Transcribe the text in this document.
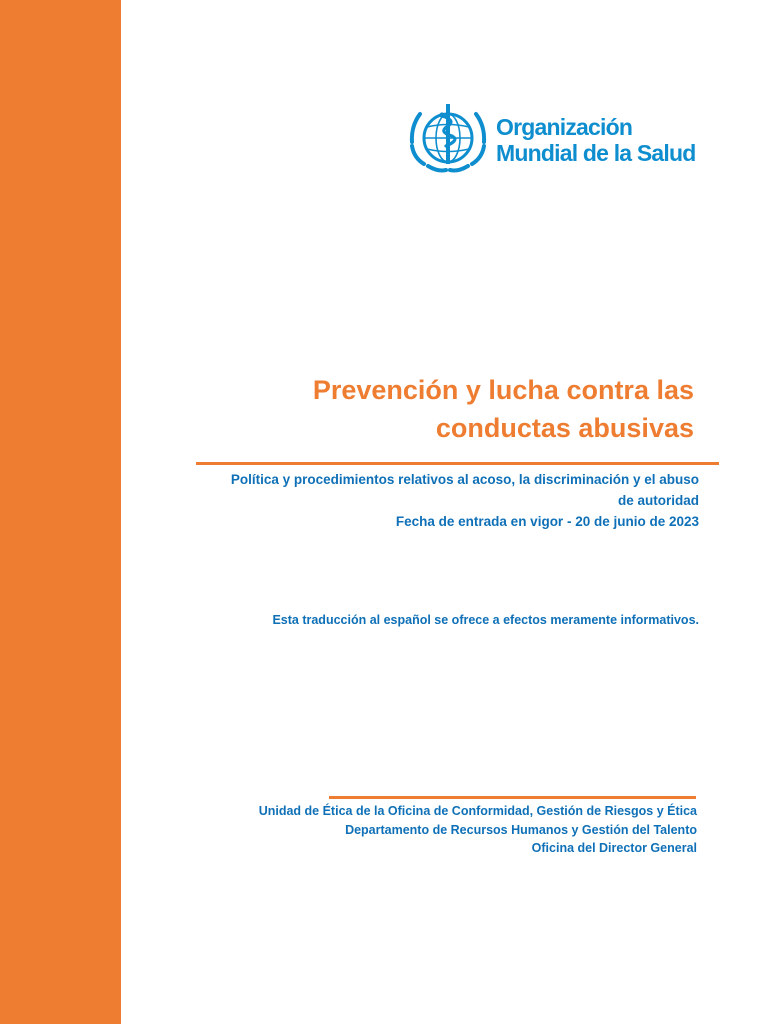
Organización
Mundial de la Salud
Prevención y lucha contra las
conductas abusivas
Política y procedimientos relativos al acoso, la discriminación y el abuso
de autoridad
Fecha de entrada en vigor - 20 de junio de 2023
Esta traducción al español se ofrece a efectos meramente informativos.
Unidad de Ética de la Oficina de Conformidad, Gestión de Riesgos y Ética
Departamento de Recursos Humanos y Gestión del Talento
Oficina del Director General
